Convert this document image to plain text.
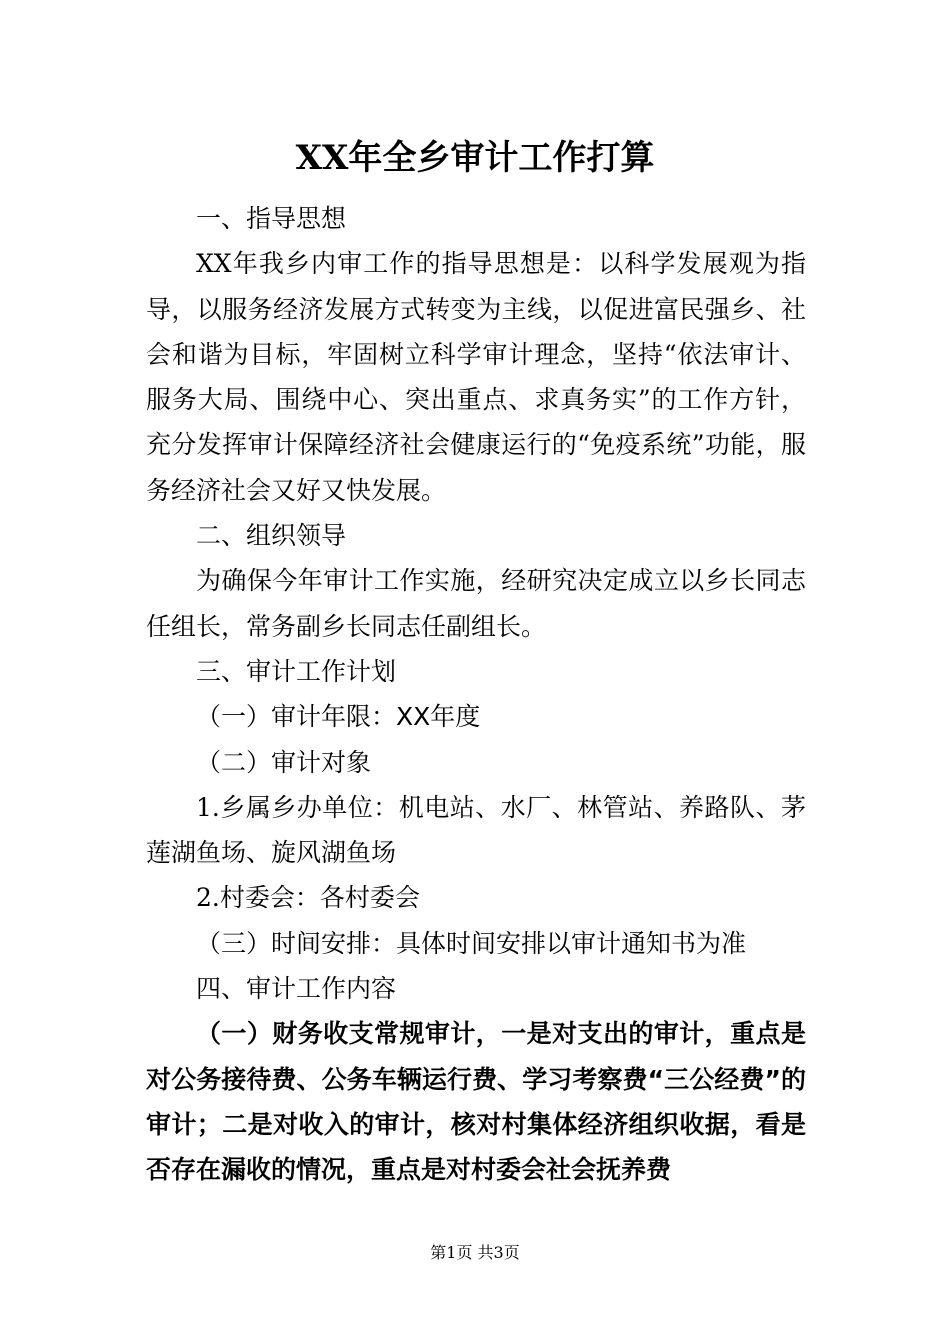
XX年全乡审计工作打算

一、指导思想

XX年我乡内审工作的指导思想是：以科学发展观为指导，以服务经济发展方式转变为主线，以促进富民强乡、社会和谐为目标，牢固树立科学审计理念，坚持“依法审计、服务大局、围绕中心、突出重点、求真务实”的工作方针，充分发挥审计保障经济社会健康运行的“免疫系统”功能，服务经济社会又好又快发展。

二、组织领导

为确保今年审计工作实施，经研究决定成立以乡长同志任组长，常务副乡长同志任副组长。

三、审计工作计划

（一）审计年限：XX年度

（二）审计对象

1.乡属乡办单位：机电站、水厂、林管站、养路队、茅莲湖鱼场、旋风湖鱼场

2.村委会：各村委会

（三）时间安排：具体时间安排以审计通知书为准

四、审计工作内容

（一）财务收支常规审计，一是对支出的审计，重点是对公务接待费、公务车辆运行费、学习考察费“三公经费”的审计；二是对收入的审计，核对村集体经济组织收据，看是否存在漏收的情况，重点是对村委会社会抚养费

第1页 共3页
